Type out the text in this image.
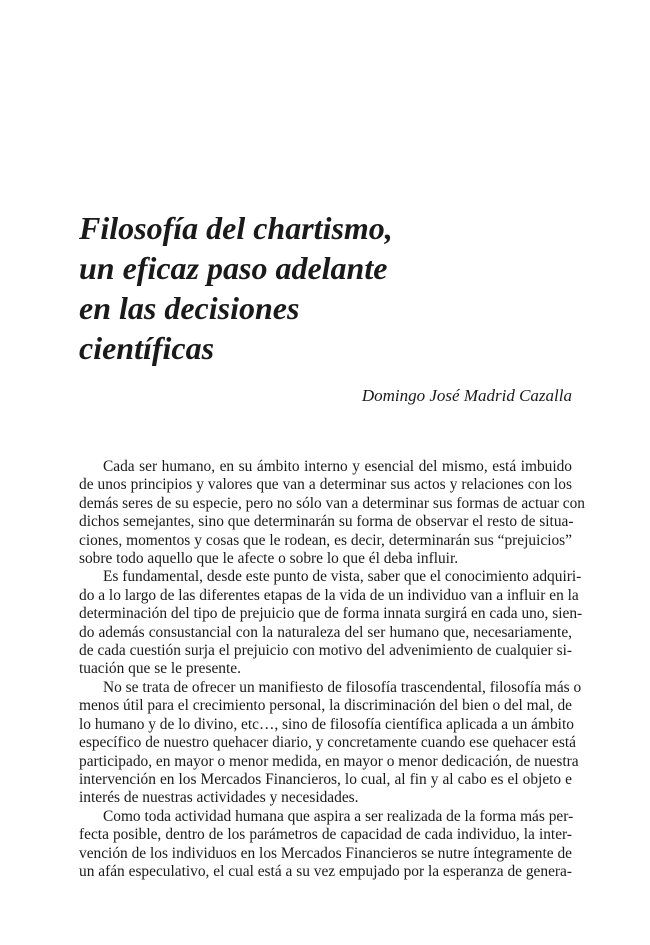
Filosofía del chartismo,
un eficaz paso adelante
en las decisiones
científicas

Domingo José Madrid Cazalla

Cada ser humano, en su ámbito interno y esencial del mismo, está imbuido
de unos principios y valores que van a determinar sus actos y relaciones con los
demás seres de su especie, pero no sólo van a determinar sus formas de actuar con
dichos semejantes, sino que determinarán su forma de observar el resto de situa-
ciones, momentos y cosas que le rodean, es decir, determinarán sus “prejuicios”
sobre todo aquello que le afecte o sobre lo que él deba influir.

Es fundamental, desde este punto de vista, saber que el conocimiento adquiri-
do a lo largo de las diferentes etapas de la vida de un individuo van a influir en la
determinación del tipo de prejuicio que de forma innata surgirá en cada uno, sien-
do además consustancial con la naturaleza del ser humano que, necesariamente,
de cada cuestión surja el prejuicio con motivo del advenimiento de cualquier si-
tuación que se le presente.

No se trata de ofrecer un manifiesto de filosofía trascendental, filosofía más o
menos útil para el crecimiento personal, la discriminación del bien o del mal, de
lo humano y de lo divino, etc…, sino de filosofía científica aplicada a un ámbito
específico de nuestro quehacer diario, y concretamente cuando ese quehacer está
participado, en mayor o menor medida, en mayor o menor dedicación, de nuestra
intervención en los Mercados Financieros, lo cual, al fin y al cabo es el objeto e
interés de nuestras actividades y necesidades.

Como toda actividad humana que aspira a ser realizada de la forma más per-
fecta posible, dentro de los parámetros de capacidad de cada individuo, la inter-
vención de los individuos en los Mercados Financieros se nutre íntegramente de
un afán especulativo, el cual está a su vez empujado por la esperanza de genera-
